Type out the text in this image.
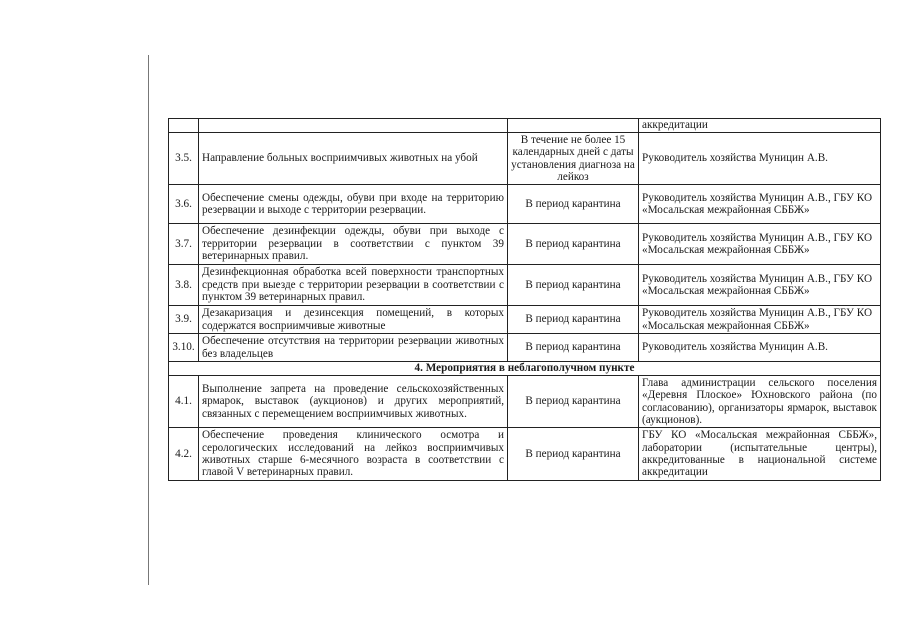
			аккредитации
3.5.	Направление больных восприимчивых животных на убой	В течение не более 15 календарных дней с даты установления диагноза на лейкоз	Руководитель хозяйства Муницин А.В.
3.6.	Обеспечение смены одежды, обуви при входе на территорию резервации и выходе с территории резервации.	В период карантина	Руководитель хозяйства Муницин А.В., ГБУ КО «Мосальская межрайонная СББЖ»
3.7.	Обеспечение дезинфекции одежды, обуви при выходе с территории резервации в соответствии с пунктом 39 ветеринарных правил.	В период карантина	Руководитель хозяйства Муницин А.В., ГБУ КО «Мосальская межрайонная СББЖ»
3.8.	Дезинфекционная обработка всей поверхности транспортных средств при выезде с территории резервации в соответствии с пунктом 39 ветеринарных правил.	В период карантина	Руководитель хозяйства Муницин А.В., ГБУ КО «Мосальская межрайонная СББЖ»
3.9.	Дезакаризация и дезинсекция помещений, в которых содержатся восприимчивые животные	В период карантина	Руководитель хозяйства Муницин А.В., ГБУ КО «Мосальская межрайонная СББЖ»
3.10.	Обеспечение отсутствия на территории резервации животных без владельцев	В период карантина	Руководитель хозяйства Муницин А.В.
4. Мероприятия в неблагополучном пункте			
4.1.	Выполнение запрета на проведение сельскохозяйственных ярмарок, выставок (аукционов) и других мероприятий, связанных с перемещением восприимчивых животных.	В период карантина	Глава администрации сельского поселения «Деревня Плоское» Юхновского района (по согласованию), организаторы ярмарок, выставок (аукционов).
4.2.	Обеспечение проведения клинического осмотра и серологических исследований на лейкоз восприимчивых животных старше 6-месячного возраста в соответствии с главой V ветеринарных правил.	В период карантина	ГБУ КО «Мосальская межрайонная СББЖ», лаборатории (испытательные центры), аккредитованные в национальной системе аккредитации
